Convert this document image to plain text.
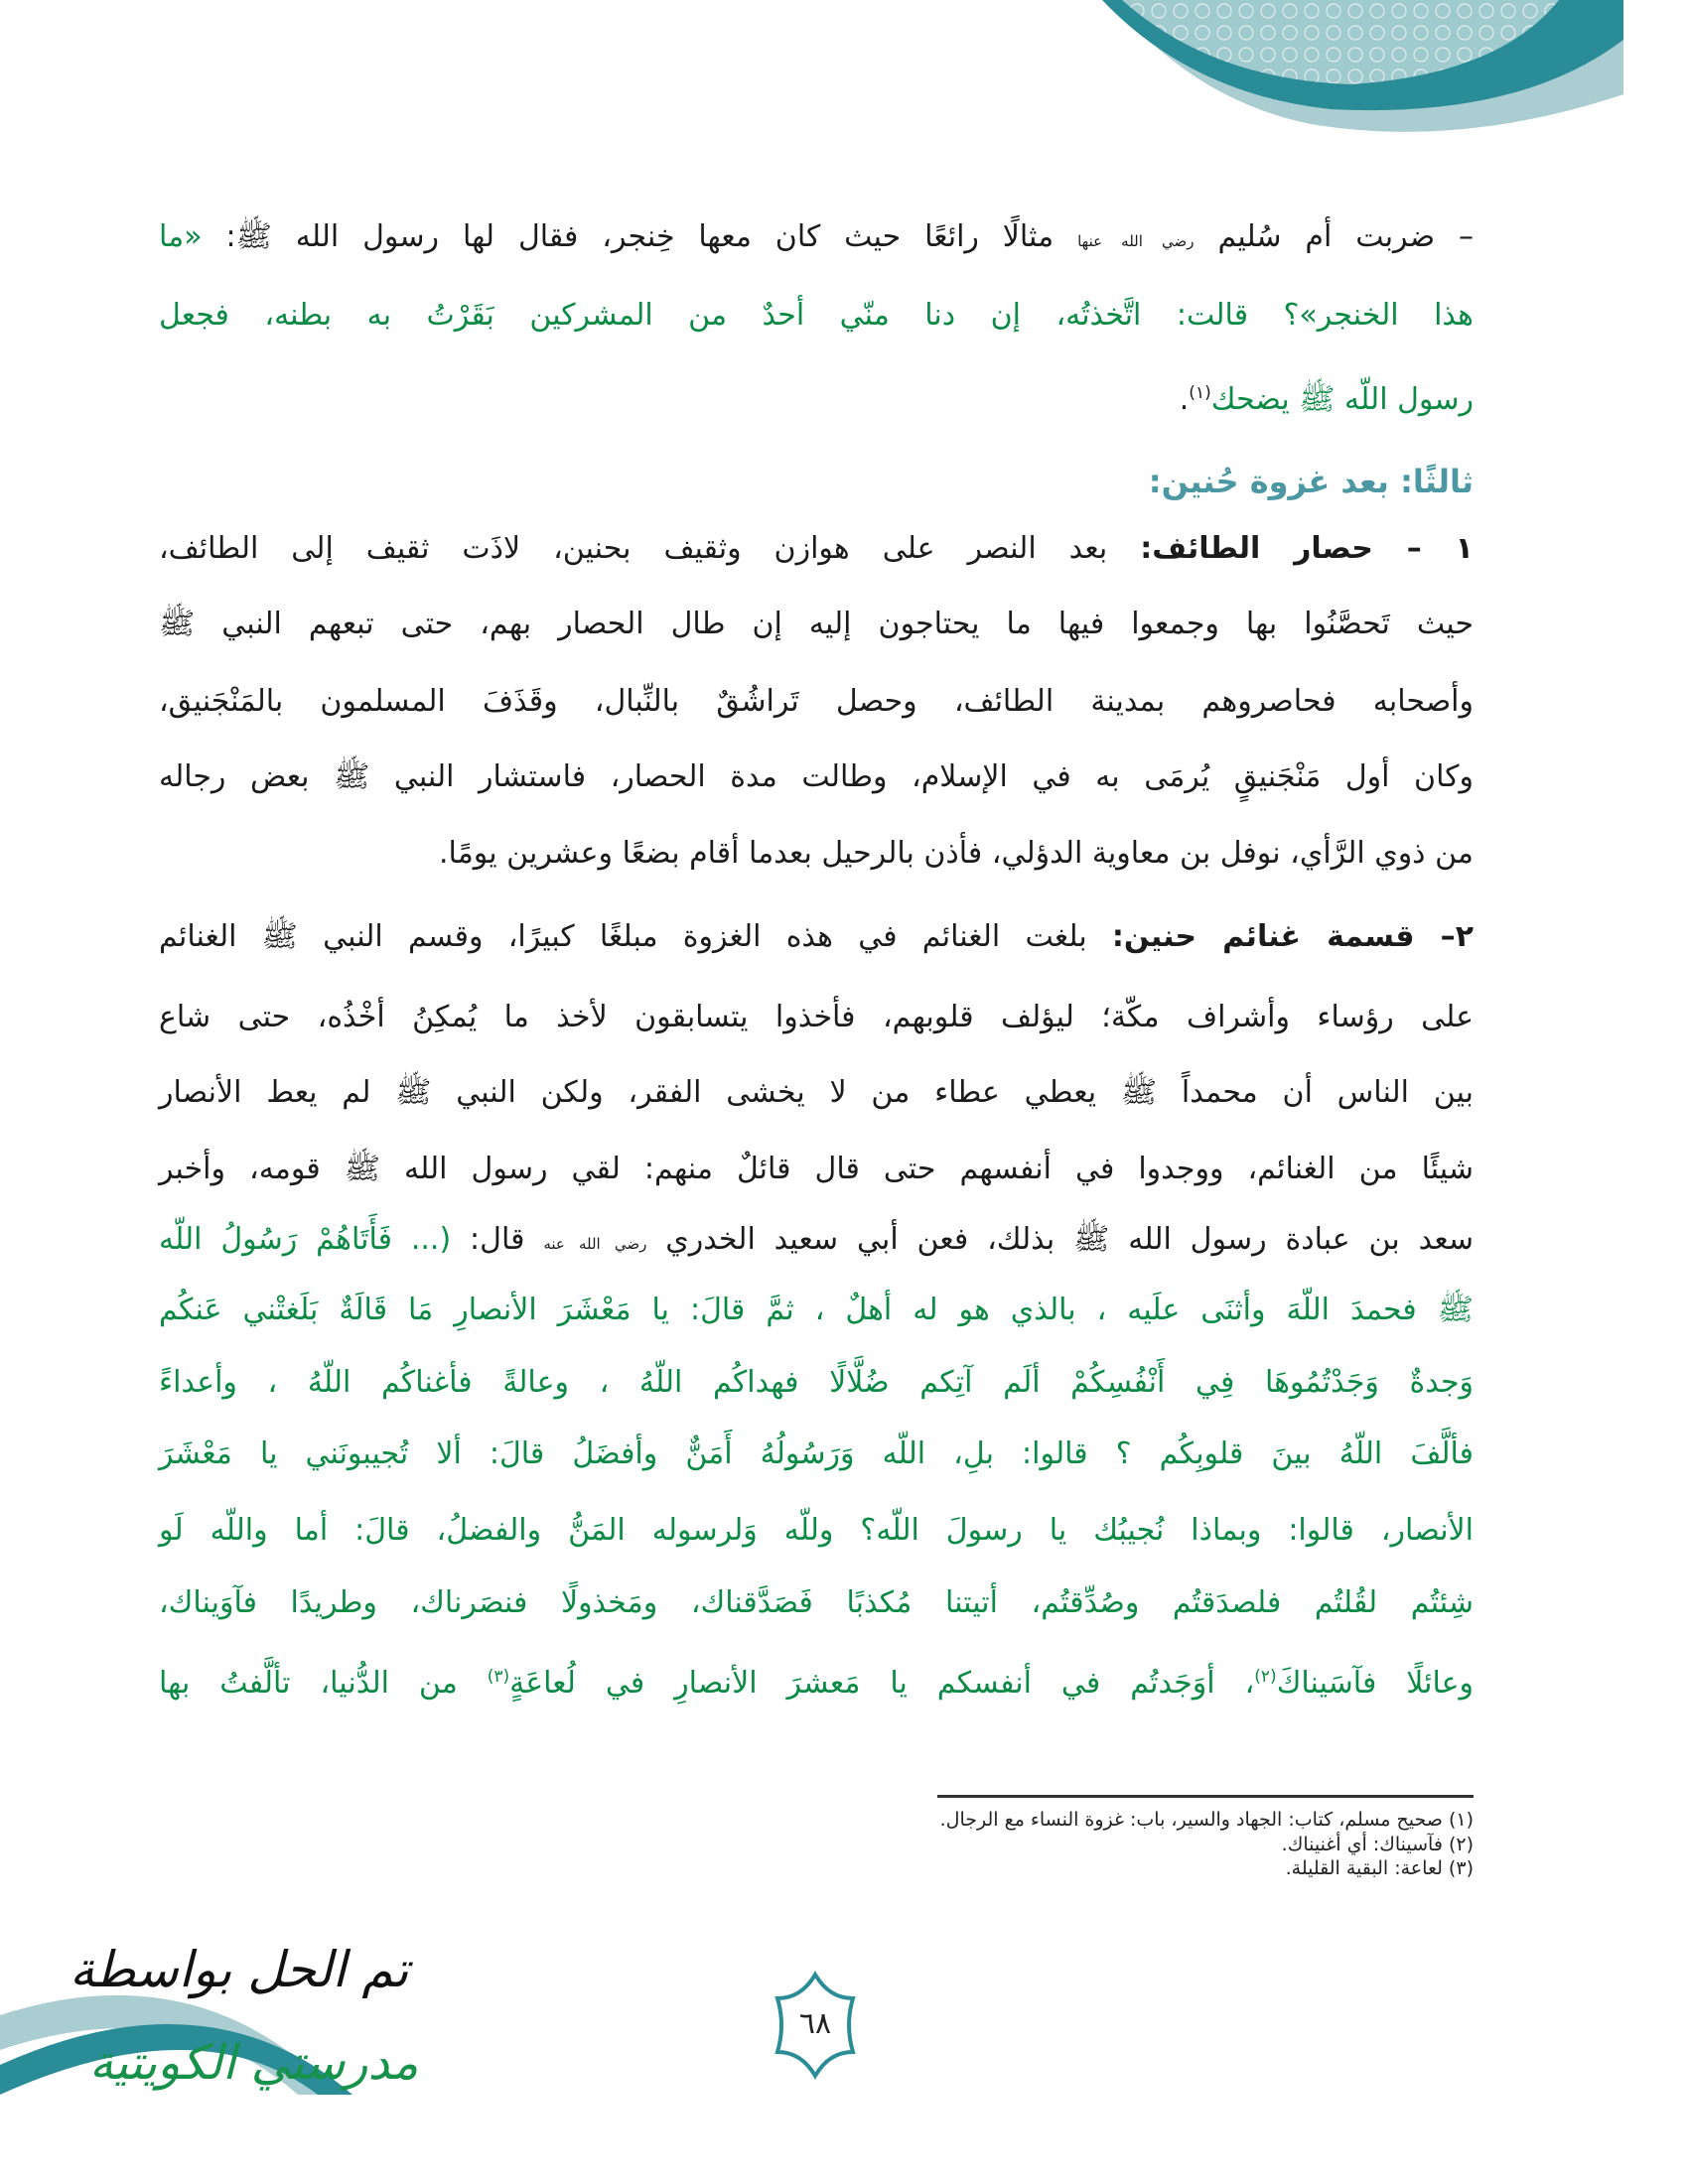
– ضربت أم سُليم رضي الله عنها مثالًا رائعًا حيث كان معها خِنجر، فقال لها رسول الله ﷺ: «ما
هذا الخنجر»؟ قالت: اتَّخذتُه، إن دنا منّي أحدٌ من المشركين بَقَرْتُ به بطنه، فجعل
رسول اللّه ﷺ يضحك$^{(١)}$.
ثالثًا: بعد غزوة حُنين:
١ – حصار الطائف: بعد النصر على هوازن وثقيف بحنين، لاذَت ثقيف إلى الطائف،
حيث تَحصَّنُوا بها وجمعوا فيها ما يحتاجون إليه إن طال الحصار بهم، حتى تبعهم النبي ﷺ
وأصحابه فحاصروهم بمدينة الطائف، وحصل تَراشُقٌ بالنِّبال، وقَذَفَ المسلمون بالمَنْجَنيق،
وكان أول مَنْجَنيقٍ يُرمَى به في الإسلام، وطالت مدة الحصار، فاستشار النبي ﷺ بعض رجاله
من ذوي الرَّأي، نوفل بن معاوية الدؤلي، فأذن بالرحيل بعدما أقام بضعًا وعشرين يومًا.
٢– قسمة غنائم حنين: بلغت الغنائم في هذه الغزوة مبلغًا كبيرًا، وقسم النبي ﷺ الغنائم
على رؤساء وأشراف مكّة؛ ليؤلف قلوبهم، فأخذوا يتسابقون لأخذ ما يُمكِنُ أخْذُه، حتى شاع
بين الناس أن محمداً ﷺ يعطي عطاء من لا يخشى الفقر، ولكن النبي ﷺ لم يعط الأنصار
شيئًا من الغنائم، ووجدوا في أنفسهم حتى قال قائلٌ منهم: لقي رسول الله ﷺ قومه، وأخبر
سعد بن عبادة رسول الله ﷺ بذلك، فعن أبي سعيد الخدري رضي الله عنه قال: (... فَأَتَاهُمْ رَسُولُ اللّه
ﷺ فحمدَ اللّهَ وأثنَى علَيه ، بالذي هو له أهلٌ ، ثمَّ قالَ: يا مَعْشَرَ الأنصارِ مَا قَالَةٌ بَلَغتْني عَنكُم
وَجدةٌ وَجَدْتُمُوهَا فِي أَنْفُسِكُمْ ألَم آتِكم ضُلَّالًا فهداكُم اللّهُ ، وعالةً فأغناكُم اللّهُ ، وأعداءً
فألَّفَ اللّهُ بينَ قلوبِكُم ؟ قالوا: بلِ، اللّه وَرَسُولُهُ أَمَنٌّ وأفضَلُ قالَ: ألا تُجيبونَني يا مَعْشَرَ
الأنصار، قالوا: وبماذا نُجيبُك يا رسولَ اللّه؟ وللّه وَلرسوله المَنُّ والفضلُ، قالَ: أما واللّه لَو
شِئتُم لقُلتُم فلصدَقتُم وصُدِّقتُم، أتيتنا مُكذبًا فَصَدَّقناك، ومَخذولًا فنصَرناك، وطريدًا فآوَيناك،
وعائلًا فآسَيناكَ$^{(٢)}$، أوَجَدتُم في أنفسكم يا مَعشرَ الأنصارِ في لُعاعَةٍ$^{(٣)}$ من الدُّنيا، تألَّفتُ بها
(١) صحيح مسلم، كتاب: الجهاد والسير، باب: غزوة النساء مع الرجال.
(٢) فآسيناك: أي أغنيناك.
(٣) لعاعة: البقية القليلة.
٦٨
تم الحل بواسطة
مدرستي الكويتية
